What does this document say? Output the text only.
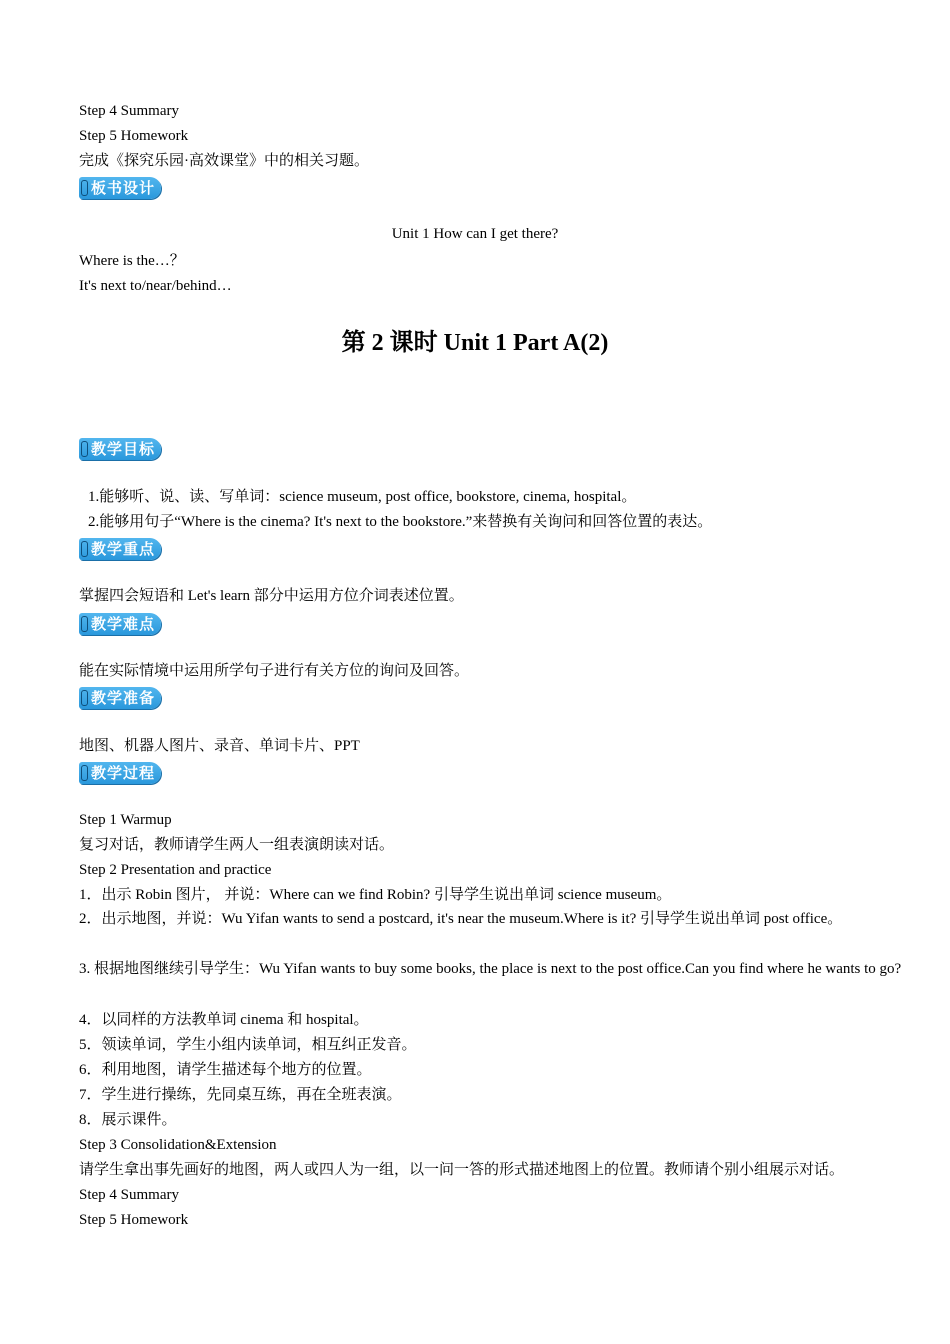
Step 4 Summary
Step 5 Homework
完成《探究乐园·高效课堂》中的相关习题。
板书设计
Unit 1 How can I get there?
Where is the…？
It's next to/near/behind…
第 2 课时 Unit 1 Part A(2)
教学目标
1.能够听、说、读、写单词：science museum, post office, bookstore, cinema, hospital。
2.能够用句子“Where is the cinema? It's next to the bookstore.”来替换有关询问和回答位置的表达。
教学重点
掌握四会短语和 Let's learn 部分中运用方位介词表述位置。
教学难点
能在实际情境中运用所学句子进行有关方位的询问及回答。
教学准备
地图、机器人图片、录音、单词卡片、PPT
教学过程
Step 1 Warmup
复习对话，教师请学生两人一组表演朗读对话。
Step 2 Presentation and practice
1．出示 Robin 图片， 并说：Where can we find Robin? 引导学生说出单词 science museum。
2．出示地图，并说：Wu Yifan wants to send a postcard, it's near the museum.Where is it? 引导学生说出单词 post office。
3. 根据地图继续引导学生：Wu Yifan wants to buy some books, the place is next to the post office.Can you find where he wants to go?
4．以同样的方法教单词 cinema 和 hospital。
5．领读单词，学生小组内读单词，相互纠正发音。
6．利用地图，请学生描述每个地方的位置。
7．学生进行操练，先同桌互练，再在全班表演。
8．展示课件。
Step 3 Consolidation&Extension
请学生拿出事先画好的地图，两人或四人为一组，以一问一答的形式描述地图上的位置。教师请个别小组展示对话。
Step 4 Summary
Step 5 Homework
